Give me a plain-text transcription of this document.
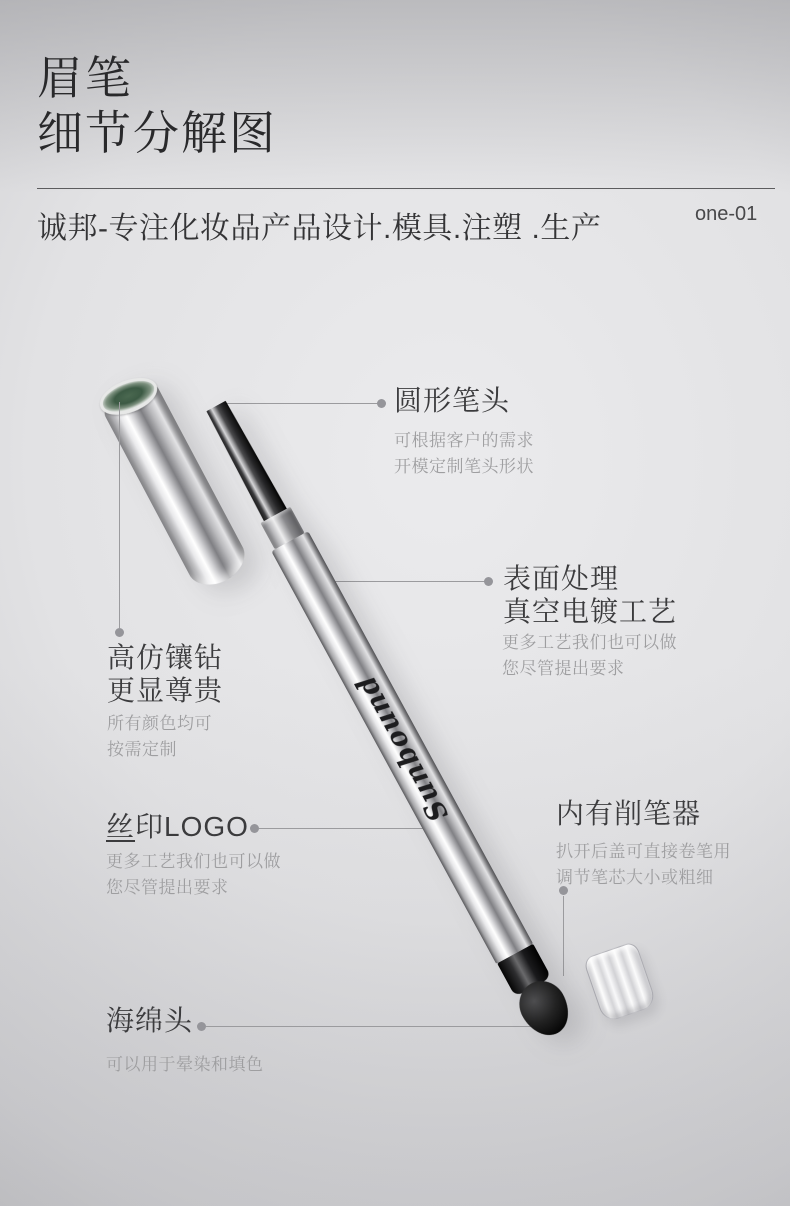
眉笔
细节分解图
诚邦-专注化妆品产品设计.模具.注塑 .生产	one-01
Sunbound
圆形笔头
可根据客户的需求
开模定制笔头形状
表面处理
真空电镀工艺
更多工艺我们也可以做
您尽管提出要求
高仿镶钻
更显尊贵
所有颜色均可
按需定制
丝印LOGO
更多工艺我们也可以做
您尽管提出要求
内有削笔器
扒开后盖可直接卷笔用
调节笔芯大小或粗细
海绵头
可以用于晕染和填色
